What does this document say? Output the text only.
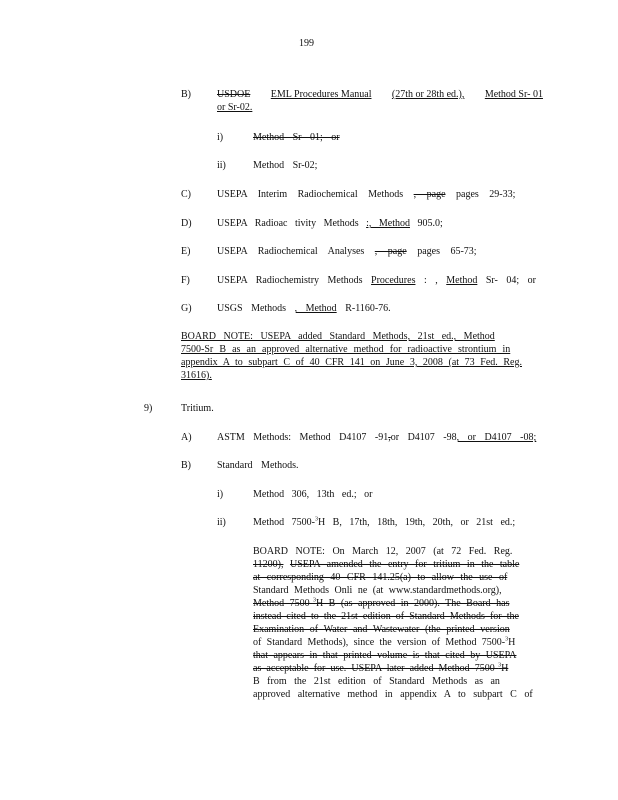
199
B)	USDOE EML Procedures Manual (27th or 28th ed.), Method Sr- 01
or Sr-02.
i)	Method Sr 01; or
ii)	Method Sr-02;
C)	USEPA Interim Radiochemical Methods , page pages 29-33;
D)	USEPA Radioac tivity Methods :, Method 905.0;
E)	USEPA Radiochemical Analyses , page pages 65-73;
F)	USEPA Radiochemistry Methods Procedures : , Method Sr- 04; or
G)	USGS Methods , Method R-1160-76.
BOARD NOTE: USEPA added Standard Methods, 21st ed., Method
7500-Sr B as an approved alternative method for radioactive strontium in
appendix A to subpart C of 40 CFR 141 on June 3, 2008 (at 73 Fed. Reg.
31616).
9)	Tritium.
A)	ASTM Methods: Method D4107 -91,or D4107 -98, or D4107 -08;
B)	Standard Methods.
i)	Method 306, 13th ed.; or
ii)	Method 7500-$^3$H B, 17th, 18th, 19th, 20th, or 21st ed.;
BOARD NOTE: On March 12, 2007 (at 72 Fed. Reg.
11200), USEPA amended the entry for tritium in the table
at corresponding 40 CFR 141.25(a) to allow the use of
Standard Methods Onli ne (at www.standardmethods.org),
Method 7500-$^3$H B (as approved in 2000). The Board has
instead cited to the 21st edition of Standard Methods for the
Examination of Water and Wastewater (the printed version
of Standard Methods), since the version of Method 7500-$^3$H
that appears in that printed volume is that cited by USEPA
as acceptable for use. USEPA later added Method 7500-$^3$H
B from the 21st edition of Standard Methods as an
approved alternative method in appendix A to subpart C of
